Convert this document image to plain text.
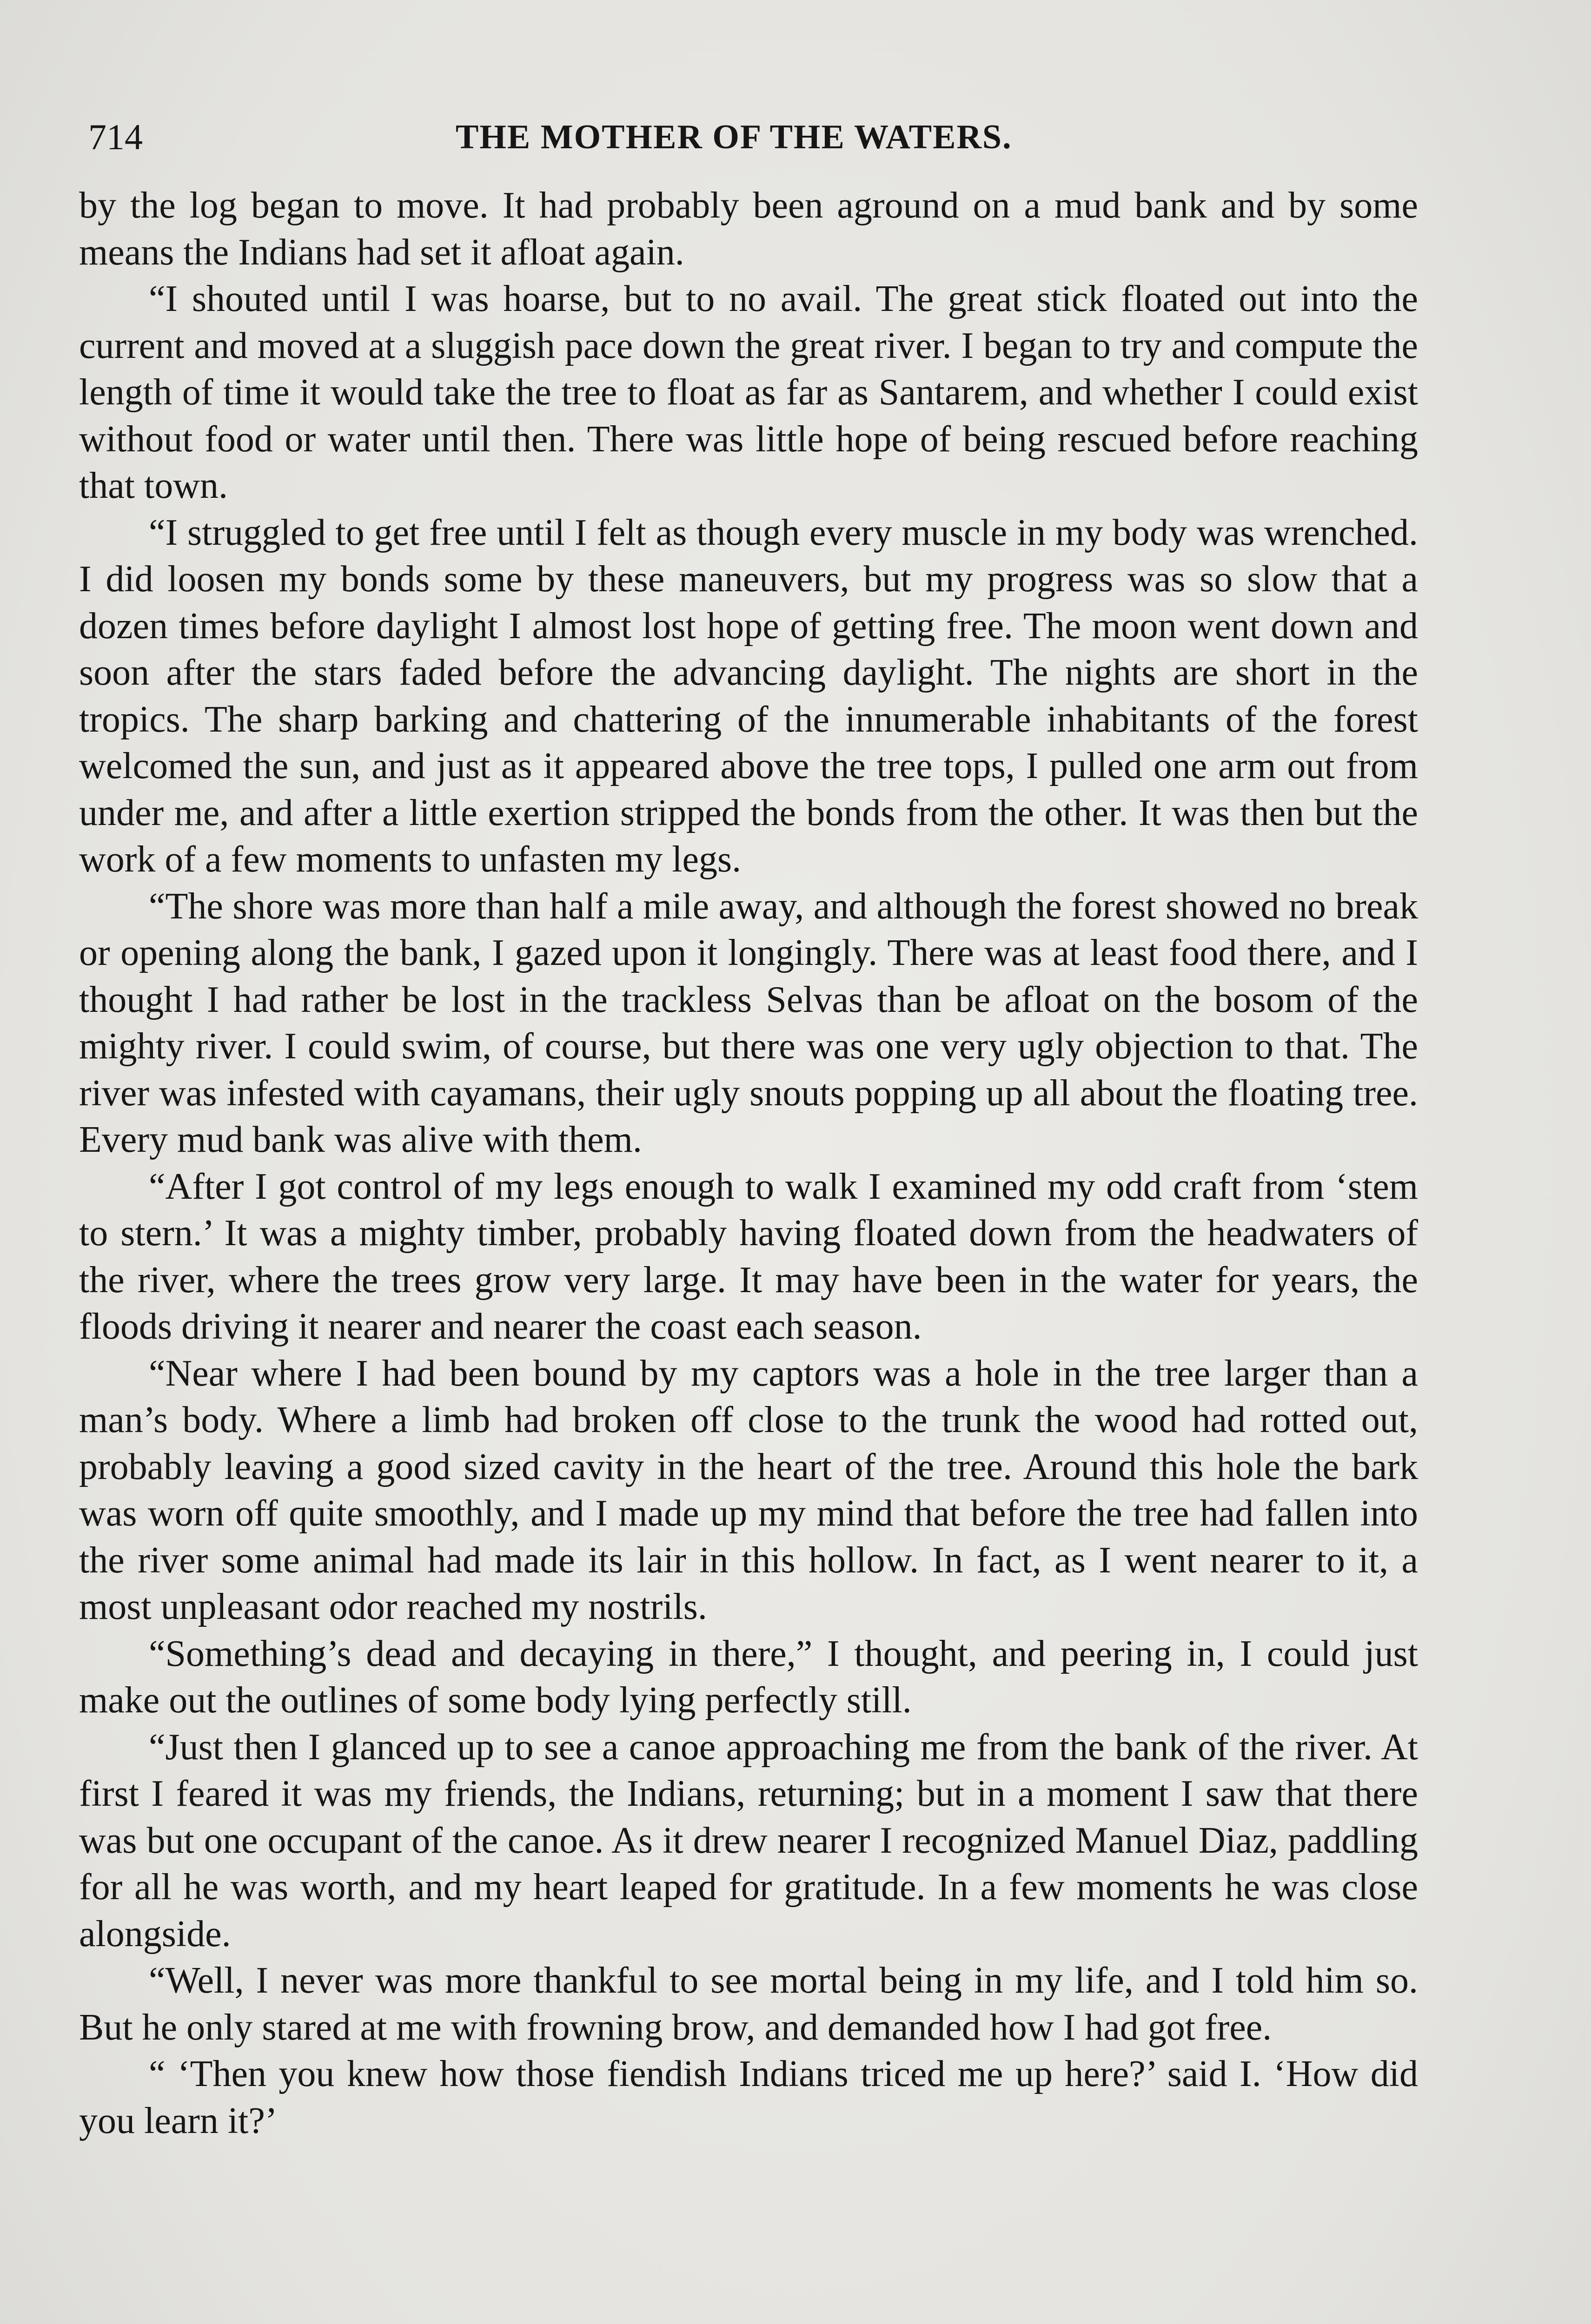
714	THE MOTHER OF THE WATERS.

by the log began to move. It had probably been aground on a mud bank and by some means the Indians had set it afloat again.

“I shouted until I was hoarse, but to no avail. The great stick floated out into the current and moved at a sluggish pace down the great river. I began to try and compute the length of time it would take the tree to float as far as Santarem, and whether I could exist without food or water until then. There was little hope of being rescued before reaching that town.

“I struggled to get free until I felt as though every muscle in my body was wrenched. I did loosen my bonds some by these maneuvers, but my progress was so slow that a dozen times before daylight I almost lost hope of getting free. The moon went down and soon after the stars faded before the advancing daylight. The nights are short in the tropics. The sharp barking and chattering of the innumerable inhabitants of the forest welcomed the sun, and just as it appeared above the tree tops, I pulled one arm out from under me, and after a little exertion stripped the bonds from the other. It was then but the work of a few moments to unfasten my legs.

“The shore was more than half a mile away, and although the forest showed no break or opening along the bank, I gazed upon it longingly. There was at least food there, and I thought I had rather be lost in the trackless Selvas than be afloat on the bosom of the mighty river. I could swim, of course, but there was one very ugly objection to that. The river was infested with cayamans, their ugly snouts popping up all about the floating tree. Every mud bank was alive with them.

“After I got control of my legs enough to walk I examined my odd craft from ‘stem to stern.’ It was a mighty timber, probably having floated down from the headwaters of the river, where the trees grow very large. It may have been in the water for years, the floods driving it nearer and nearer the coast each season.

“Near where I had been bound by my captors was a hole in the tree larger than a man’s body. Where a limb had broken off close to the trunk the wood had rotted out, probably leaving a good sized cavity in the heart of the tree. Around this hole the bark was worn off quite smoothly, and I made up my mind that before the tree had fallen into the river some animal had made its lair in this hollow. In fact, as I went nearer to it, a most unpleasant odor reached my nostrils.

“Something’s dead and decaying in there,” I thought, and peering in, I could just make out the outlines of some body lying perfectly still.

“Just then I glanced up to see a canoe approaching me from the bank of the river. At first I feared it was my friends, the Indians, returning; but in a moment I saw that there was but one occupant of the canoe. As it drew nearer I recognized Manuel Diaz, paddling for all he was worth, and my heart leaped for gratitude. In a few moments he was close alongside.

“Well, I never was more thankful to see mortal being in my life, and I told him so. But he only stared at me with frowning brow, and demanded how I had got free.

“ ‘Then you knew how those fiendish Indians triced me up here?’ said I. ‘How did you learn it?’
